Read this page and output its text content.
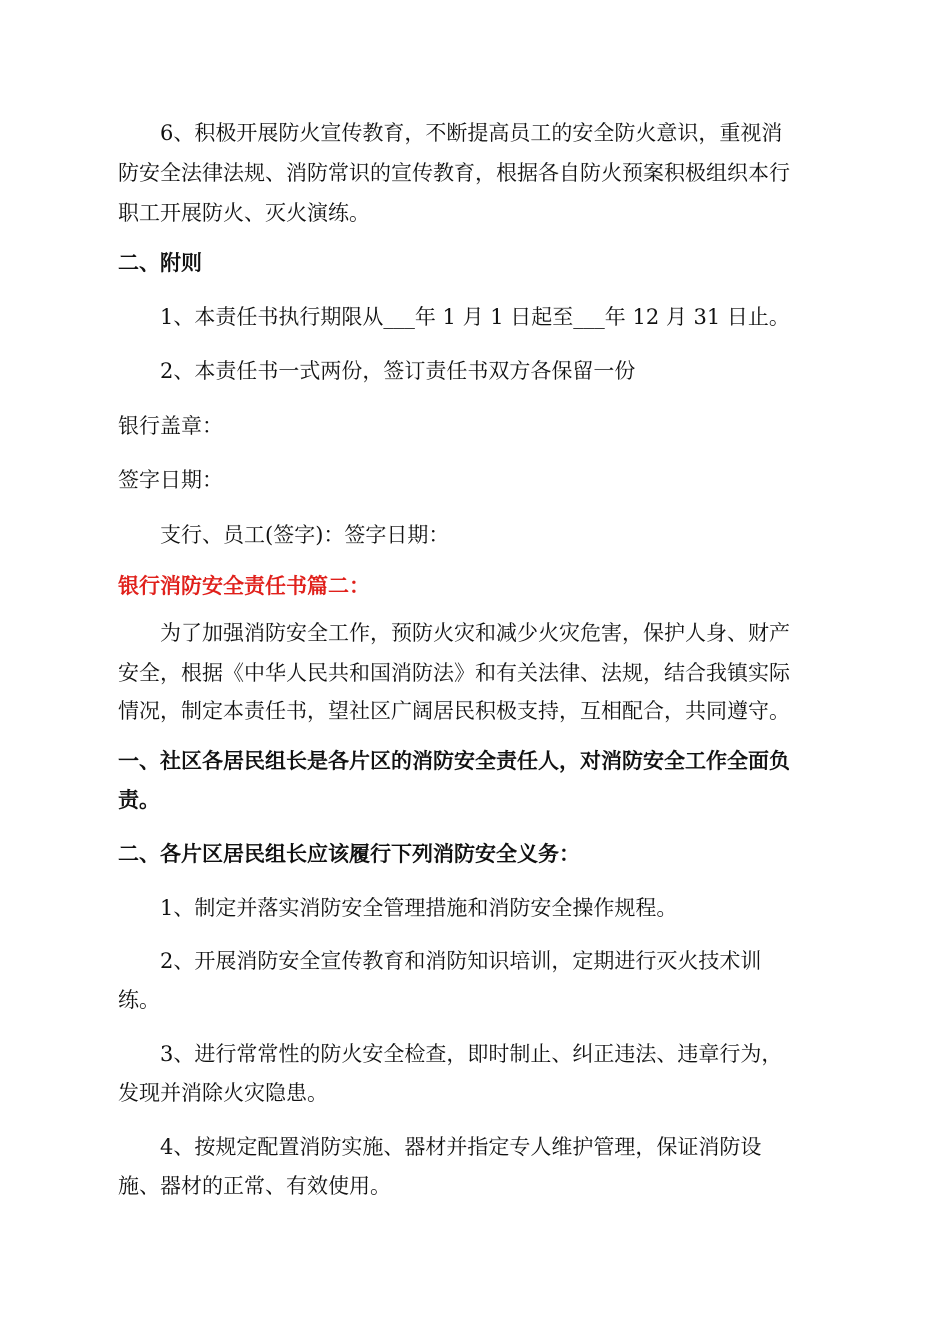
6、积极开展防火宣传教育，不断提高员工的安全防火意识，重视消
防安全法律法规、消防常识的宣传教育，根据各自防火预案积极组织本行
职工开展防火、灭火演练。
二、附则
1、本责任书执行期限从___年 1 月 1 日起至___年 12 月 31 日止。
2、本责任书一式两份，签订责任书双方各保留一份
银行盖章：
签字日期：
支行、员工(签字)：签字日期：
银行消防安全责任书篇二：
为了加强消防安全工作，预防火灾和减少火灾危害，保护人身、财产
安全，根据《中华人民共和国消防法》和有关法律、法规，结合我镇实际
情况，制定本责任书，望社区广阔居民积极支持，互相配合，共同遵守。
一、社区各居民组长是各片区的消防安全责任人，对消防安全工作全面负
责。
二、各片区居民组长应该履行下列消防安全义务：
1、制定并落实消防安全管理措施和消防安全操作规程。
2、开展消防安全宣传教育和消防知识培训，定期进行灭火技术训
练。
3、进行常常性的防火安全检查，即时制止、纠正违法、违章行为，
发现并消除火灾隐患。
4、按规定配置消防实施、器材并指定专人维护管理，保证消防设
施、器材的正常、有效使用。
